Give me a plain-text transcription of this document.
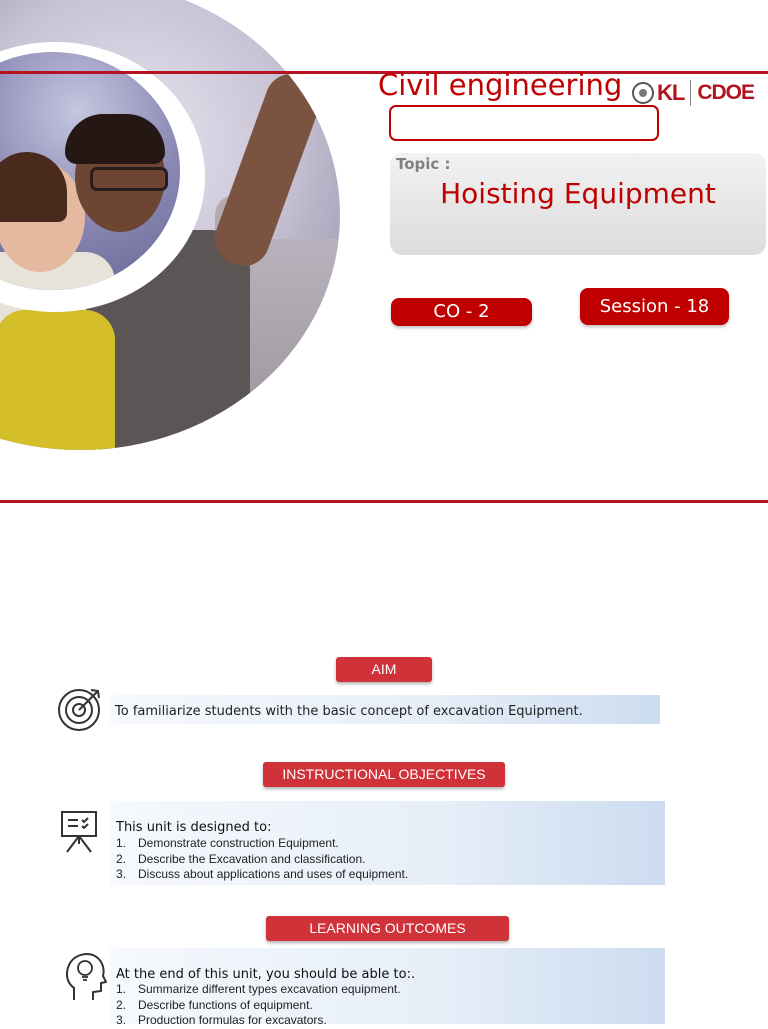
Civil engineering KL CDOE
Topic :
Hoisting Equipment
CO - 2	Session - 18
AIM
To familiarize students with the basic concept of excavation Equipment.
INSTRUCTIONAL OBJECTIVES
This unit is designed to:
1. Demonstrate construction Equipment.
2. Describe the Excavation and classification.
3. Discuss about applications and uses of equipment.
LEARNING OUTCOMES
At the end of this unit, you should be able to:.
1. Summarize different types excavation equipment.
2. Describe functions of equipment.
3. Production formulas for excavators.
